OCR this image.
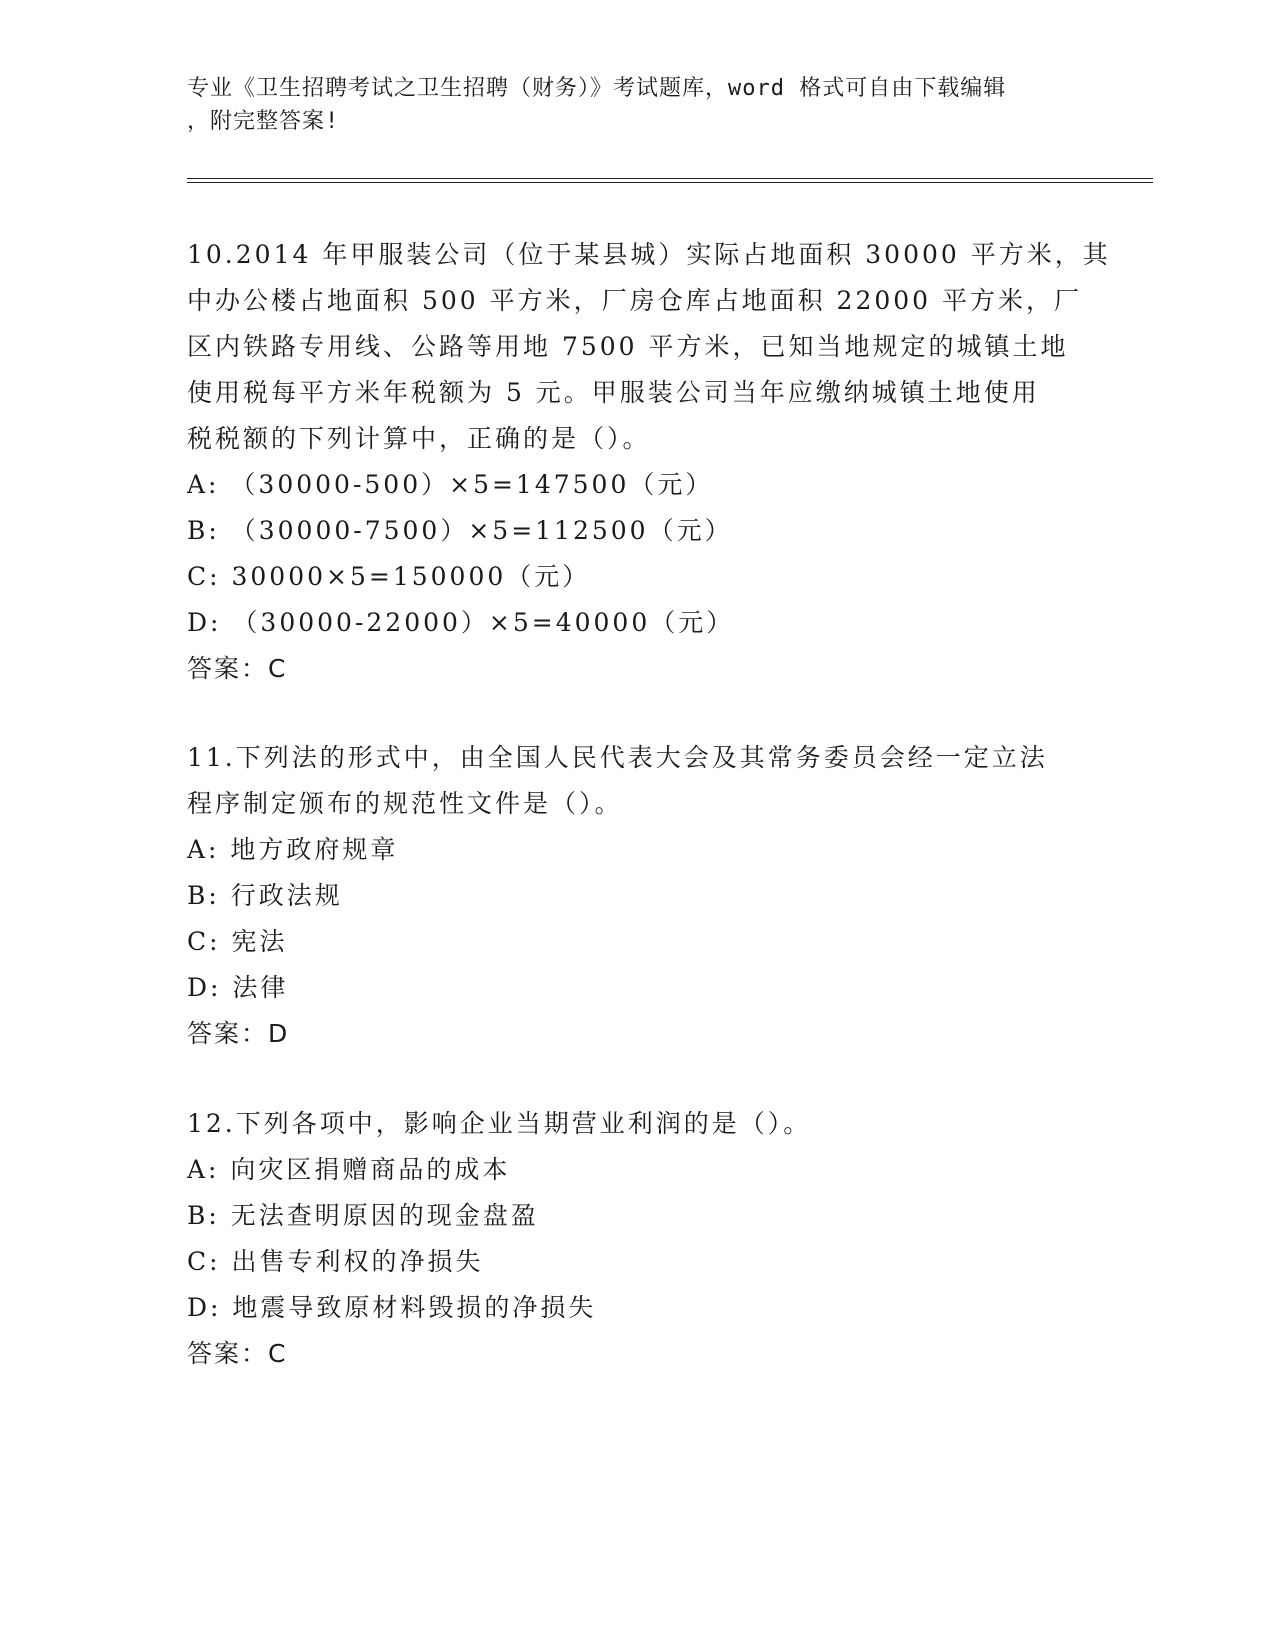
专业《卫生招聘考试之卫生招聘（财务）》考试题库，word 格式可自由下载编辑
，附完整答案!
10.2014 年甲服装公司（位于某县城）实际占地面积 30000 平方米，其
中办公楼占地面积 500 平方米，厂房仓库占地面积 22000 平方米，厂
区内铁路专用线、公路等用地 7500 平方米，已知当地规定的城镇土地
使用税每平方米年税额为 5 元。甲服装公司当年应缴纳城镇土地使用
税税额的下列计算中，正确的是（）。
A: （30000-500）×5=147500（元）
B: （30000-7500）×5=112500（元）
C: 30000×5=150000（元）
D: （30000-22000）×5=40000（元）
答案：C
11.下列法的形式中，由全国人民代表大会及其常务委员会经一定立法
程序制定颁布的规范性文件是（）。
A: 地方政府规章
B: 行政法规
C: 宪法
D: 法律
答案：D
12.下列各项中，影响企业当期营业利润的是（）。
A: 向灾区捐赠商品的成本
B: 无法查明原因的现金盘盈
C: 出售专利权的净损失
D: 地震导致原材料毁损的净损失
答案：C
